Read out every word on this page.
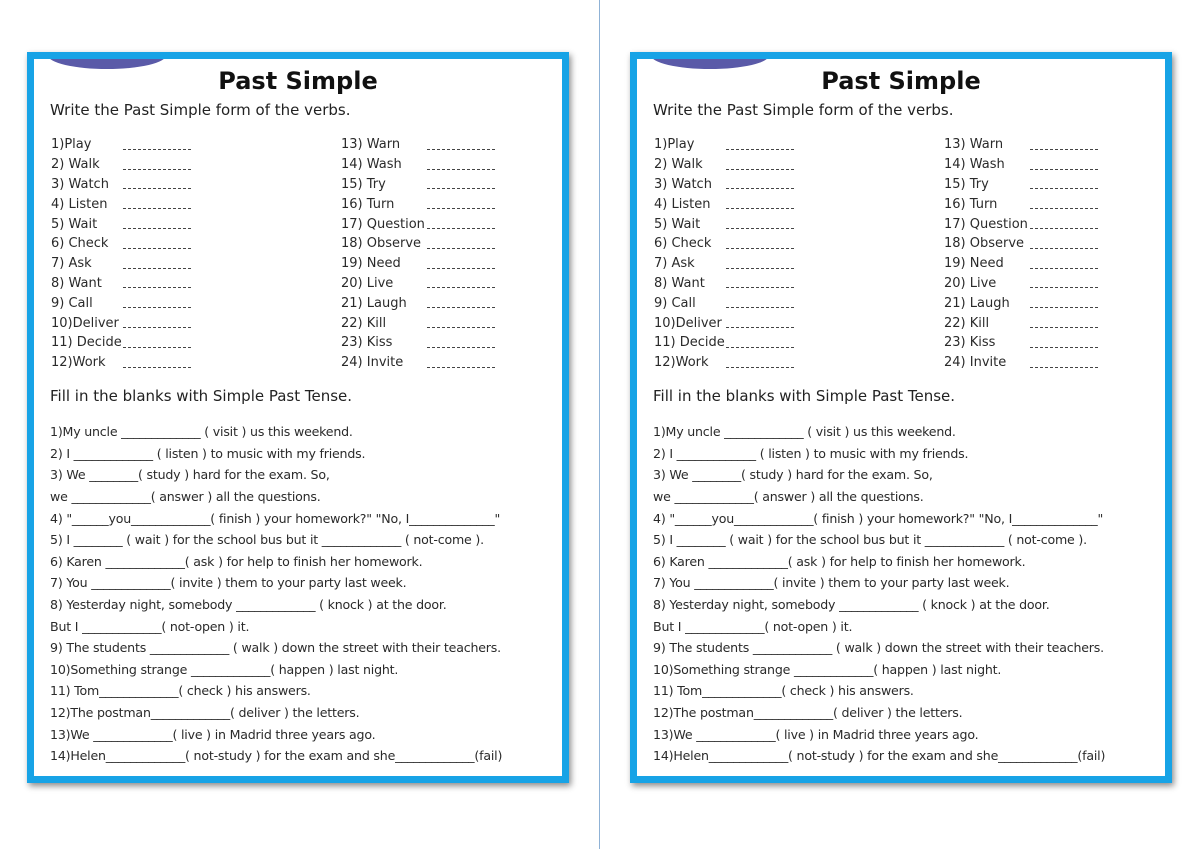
Past Simple
Write the Past Simple form of the verbs.
1)Play
2) Walk
3) Watch
4) Listen
5) Wait
6) Check
7) Ask
8) Want
9) Call
10)Deliver
11) Decide
12)Work
13) Warn
14) Wash
15) Try
16) Turn
17) Question
18) Observe
19) Need
20) Live
21) Laugh
22) Kill
23) Kiss
24) Invite
Fill in the blanks with Simple Past Tense.
1)My uncle _____________ ( visit ) us this weekend.
2) I _____________ ( listen ) to music with my friends.
3) We ________( study ) hard for the exam. So,
we _____________( answer ) all the questions.
4) "______you_____________( finish ) your homework?" "No, I______________"
5) I ________ ( wait ) for the school bus but it _____________ ( not-come ).
6) Karen _____________( ask ) for help to finish her homework.
7) You _____________( invite ) them to your party last week.
8) Yesterday night, somebody _____________ ( knock ) at the door.
But I _____________( not-open ) it.
9) The students _____________ ( walk ) down the street with their teachers.
10)Something strange _____________( happen ) last night.
11) Tom_____________( check ) his answers.
12)The postman_____________( deliver ) the letters.
13)We _____________( live ) in Madrid three years ago.
14)Helen_____________( not-study ) for the exam and she_____________(fail)
Past Simple
Write the Past Simple form of the verbs.
1)Play
2) Walk
3) Watch
4) Listen
5) Wait
6) Check
7) Ask
8) Want
9) Call
10)Deliver
11) Decide
12)Work
13) Warn
14) Wash
15) Try
16) Turn
17) Question
18) Observe
19) Need
20) Live
21) Laugh
22) Kill
23) Kiss
24) Invite
Fill in the blanks with Simple Past Tense.
1)My uncle _____________ ( visit ) us this weekend.
2) I _____________ ( listen ) to music with my friends.
3) We ________( study ) hard for the exam. So,
we _____________( answer ) all the questions.
4) "______you_____________( finish ) your homework?" "No, I______________"
5) I ________ ( wait ) for the school bus but it _____________ ( not-come ).
6) Karen _____________( ask ) for help to finish her homework.
7) You _____________( invite ) them to your party last week.
8) Yesterday night, somebody _____________ ( knock ) at the door.
But I _____________( not-open ) it.
9) The students _____________ ( walk ) down the street with their teachers.
10)Something strange _____________( happen ) last night.
11) Tom_____________( check ) his answers.
12)The postman_____________( deliver ) the letters.
13)We _____________( live ) in Madrid three years ago.
14)Helen_____________( not-study ) for the exam and she_____________(fail)
